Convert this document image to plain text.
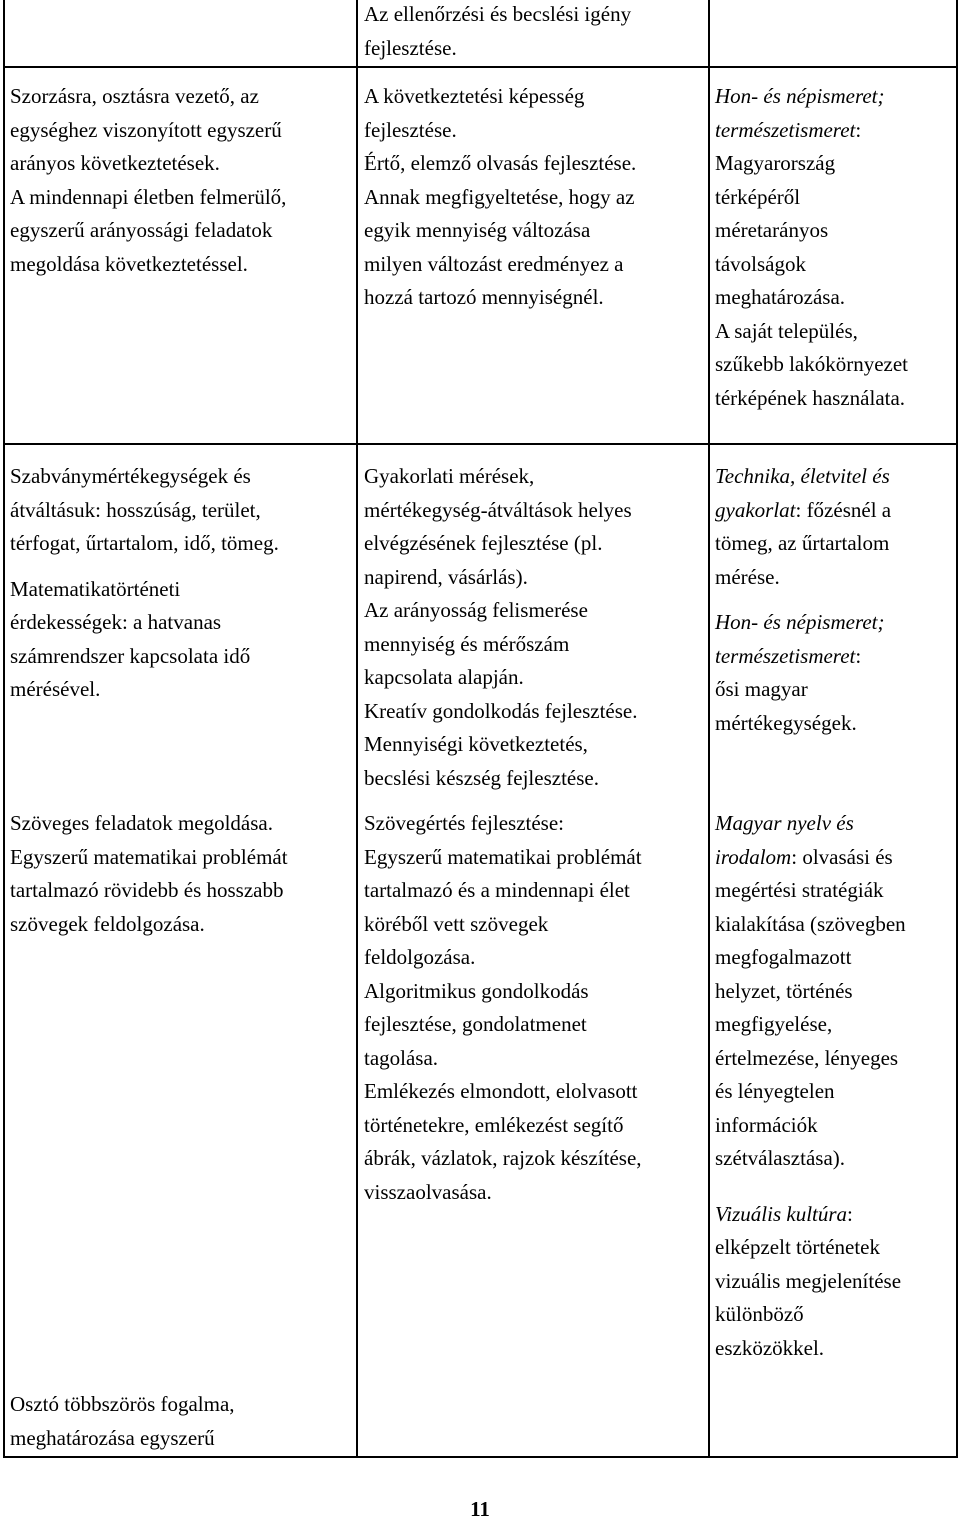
Az ellenőrzési és becslési igény

fejlesztése.

Szorzásra, osztásra vezető, az

egységhez viszonyított egyszerű

arányos következtetések.

A mindennapi életben felmerülő,

egyszerű arányossági feladatok

megoldása következtetéssel.

A következtetési képesség

fejlesztése.

Értő, elemző olvasás fejlesztése.

Annak megfigyeltetése, hogy az

egyik mennyiség változása

milyen változást eredményez a

hozzá tartozó mennyiségnél.

Hon- és népismeret;

természetismeret:

Magyarország

térképéről

méretarányos

távolságok

meghatározása.

A saját település,

szűkebb lakókörnyezet

térképének használata.

Szabványmértékegységek és

átváltásuk: hosszúság, terület,

térfogat, űrtartalom, idő, tömeg.

Matematikatörténeti

érdekességek: a hatvanas

számrendszer kapcsolata idő

mérésével.

Gyakorlati mérések,

mértékegység-átváltások helyes

elvégzésének fejlesztése (pl.

napirend, vásárlás).

Az arányosság felismerése

mennyiség és mérőszám

kapcsolata alapján.

Kreatív gondolkodás fejlesztése.

Mennyiségi következtetés,

becslési készség fejlesztése.

Technika, életvitel és

gyakorlat: főzésnél a

tömeg, az űrtartalom

mérése.

Hon- és népismeret;

természetismeret:

ősi magyar

mértékegységek.

Szöveges feladatok megoldása.

Egyszerű matematikai problémát

tartalmazó rövidebb és hosszabb

szövegek feldolgozása.

Szövegértés fejlesztése:

Egyszerű matematikai problémát

tartalmazó és a mindennapi élet

köréből vett szövegek

feldolgozása.

Algoritmikus gondolkodás

fejlesztése, gondolatmenet

tagolása.

Emlékezés elmondott, elolvasott

történetekre, emlékezést segítő

ábrák, vázlatok, rajzok készítése,

visszaolvasása.

Magyar nyelv és

irodalom: olvasási és

megértési stratégiák

kialakítása (szövegben

megfogalmazott

helyzet, történés

megfigyelése,

értelmezése, lényeges

és lényegtelen

információk

szétválasztása).

Vizuális kultúra:

elképzelt történetek

vizuális megjelenítése

különböző

eszközökkel.

Osztó többszörös fogalma,

meghatározása egyszerű

11
